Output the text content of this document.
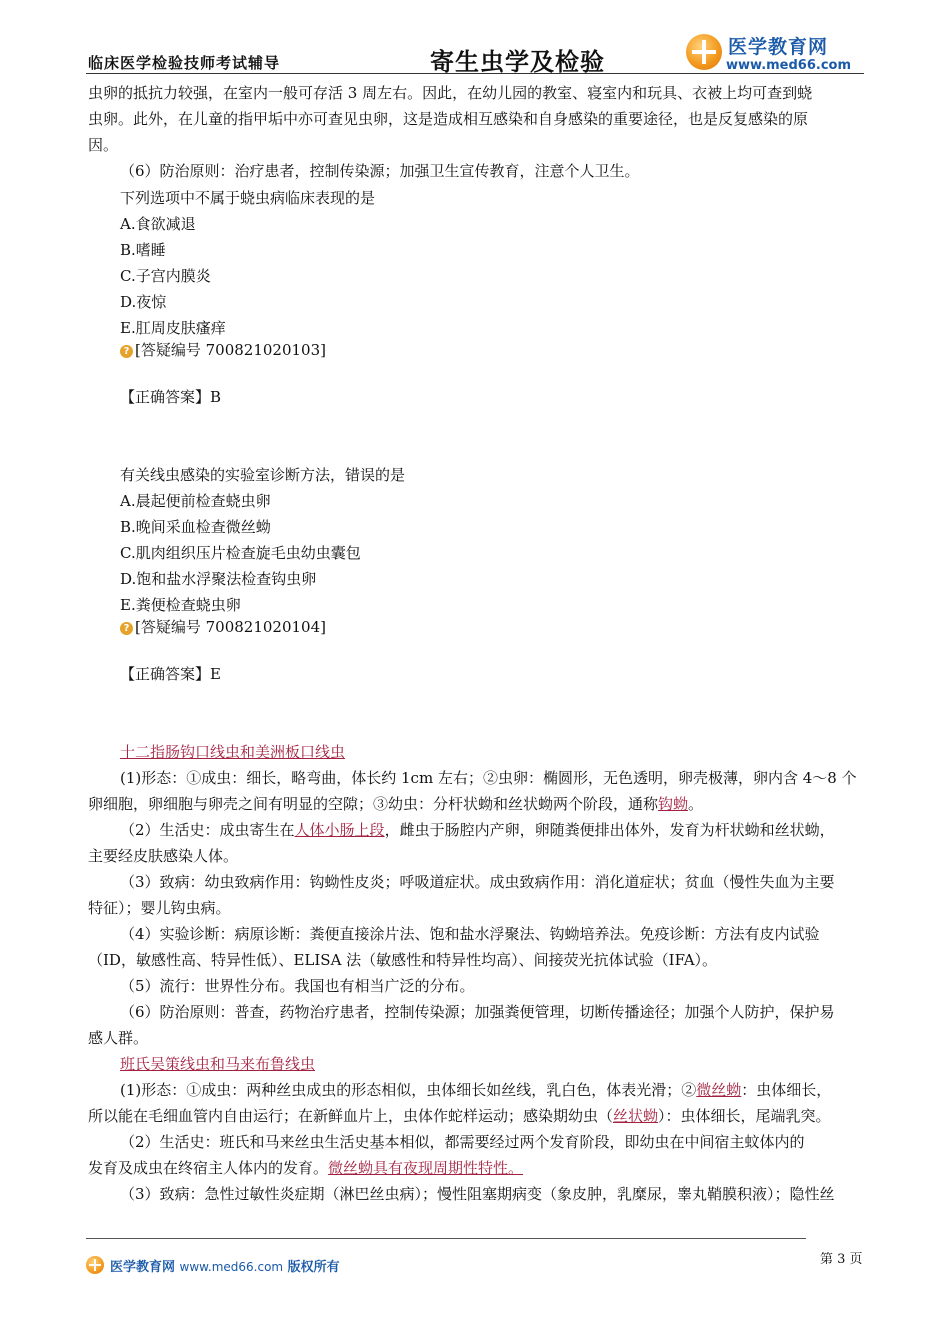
临床医学检验技师考试辅导	寄生虫学及检验
医学教育网
www.med66.com
虫卵的抵抗力较强，在室内一般可存活 3 周左右。因此，在幼儿园的教室、寝室内和玩具、衣被上均可查到蛲
虫卵。此外，在儿童的指甲垢中亦可查见虫卵，这是造成相互感染和自身感染的重要途径，也是反复感染的原
因。
（6）防治原则：治疗患者，控制传染源；加强卫生宣传教育，注意个人卫生。
下列选项中不属于蛲虫病临床表现的是
A.食欲减退
B.嗜睡
C.子宫内膜炎
D.夜惊
E.肛周皮肤瘙痒
? [答疑编号 700821020103]
【正确答案】B
有关线虫感染的实验室诊断方法，错误的是
A.晨起便前检查蛲虫卵
B.晚间采血检查微丝蚴
C.肌肉组织压片检查旋毛虫幼虫囊包
D.饱和盐水浮聚法检查钩虫卵
E.粪便检查蛲虫卵
? [答疑编号 700821020104]
【正确答案】E
十二指肠钩口线虫和美洲板口线虫
(1)形态：①成虫：细长，略弯曲，体长约 1cm 左右；②虫卵：椭圆形，无色透明，卵壳极薄，卵内含 4～8 个
卵细胞，卵细胞与卵壳之间有明显的空隙；③幼虫：分杆状蚴和丝状蚴两个阶段，通称钩蚴。
（2）生活史：成虫寄生在人体小肠上段，雌虫于肠腔内产卵，卵随粪便排出体外，发育为杆状蚴和丝状蚴，
主要经皮肤感染人体。
（3）致病：幼虫致病作用：钩蚴性皮炎；呼吸道症状。成虫致病作用：消化道症状；贫血（慢性失血为主要
特征）；婴儿钩虫病。
（4）实验诊断：病原诊断：粪便直接涂片法、饱和盐水浮聚法、钩蚴培养法。免疫诊断：方法有皮内试验
（ID，敏感性高、特异性低）、ELISA 法（敏感性和特异性均高）、间接荧光抗体试验（IFA）。
（5）流行：世界性分布。我国也有相当广泛的分布。
（6）防治原则：普查，药物治疗患者，控制传染源；加强粪便管理，切断传播途径；加强个人防护，保护易
感人群。
班氏吴策线虫和马来布鲁线虫
(1)形态：①成虫：两种丝虫成虫的形态相似，虫体细长如丝线，乳白色，体表光滑；②微丝蚴：虫体细长，
所以能在毛细血管内自由运行；在新鲜血片上，虫体作蛇样运动；感染期幼虫（丝状蚴）：虫体细长，尾端乳突。
（2）生活史：班氏和马来丝虫生活史基本相似，都需要经过两个发育阶段，即幼虫在中间宿主蚊体内的
发育及成虫在终宿主人体内的发育。微丝蚴具有夜现周期性特性。
（3）致病：急性过敏性炎症期（淋巴丝虫病）；慢性阻塞期病变（象皮肿，乳糜尿，睾丸鞘膜积液）；隐性丝
医学教育网 www.med66.com 版权所有
第 3 页
